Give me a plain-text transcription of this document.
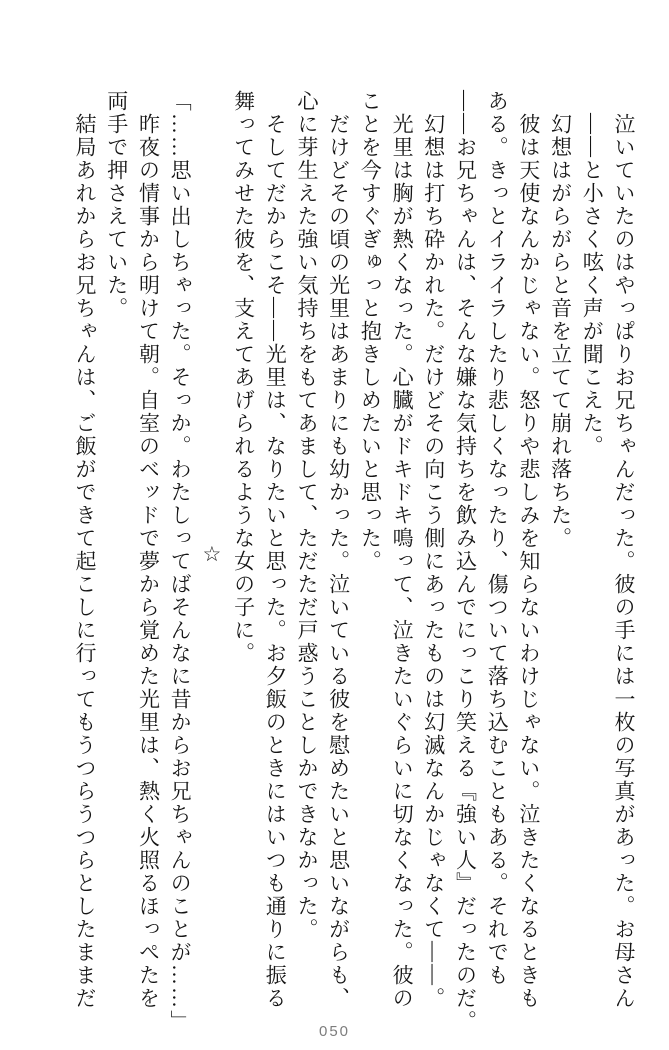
　泣いていたのはやっぱりお兄ちゃんだった。彼の手には一枚の写真があった。お母さん
　――と小さく呟く声が聞こえた。
　幻想はがらがらと音を立てて崩れ落ちた。
　彼は天使なんかじゃない。怒りや悲しみを知らないわけじゃない。泣きたくなるときも
ある。きっとイライラしたり悲しくなったり、傷ついて落ち込むこともある。それでも
――お兄ちゃんは、そんな嫌な気持ちを飲み込んでにっこり笑える『強い人』だったのだ。
　幻想は打ち砕かれた。だけどその向こう側にあったものは幻滅なんかじゃなくて――。
　光里は胸が熱くなった。心臓がドキドキ鳴って、泣きたいぐらいに切なくなった。彼の
ことを今すぐぎゅっと抱きしめたいと思った。
　だけどその頃の光里はあまりにも幼かった。泣いている彼を慰めたいと思いながらも、
心に芽生えた強い気持ちをもてあまして、ただただ戸惑うことしかできなかった。
　そしてだからこそ――光里は、なりたいと思った。お夕飯のときにはいつも通りに振る
舞ってみせた彼を、支えてあげられるような女の子に。
☆
「……思い出しちゃった。そっか。わたしってばそんなに昔からお兄ちゃんのことが……」
　昨夜の情事から明けて朝。自室のベッドで夢から覚めた光里は、熱く火照るほっぺたを
両手で押さえていた。
　結局あれからお兄ちゃんは、ご飯ができて起こしに行ってもうつらうつらとしたままだ
050
